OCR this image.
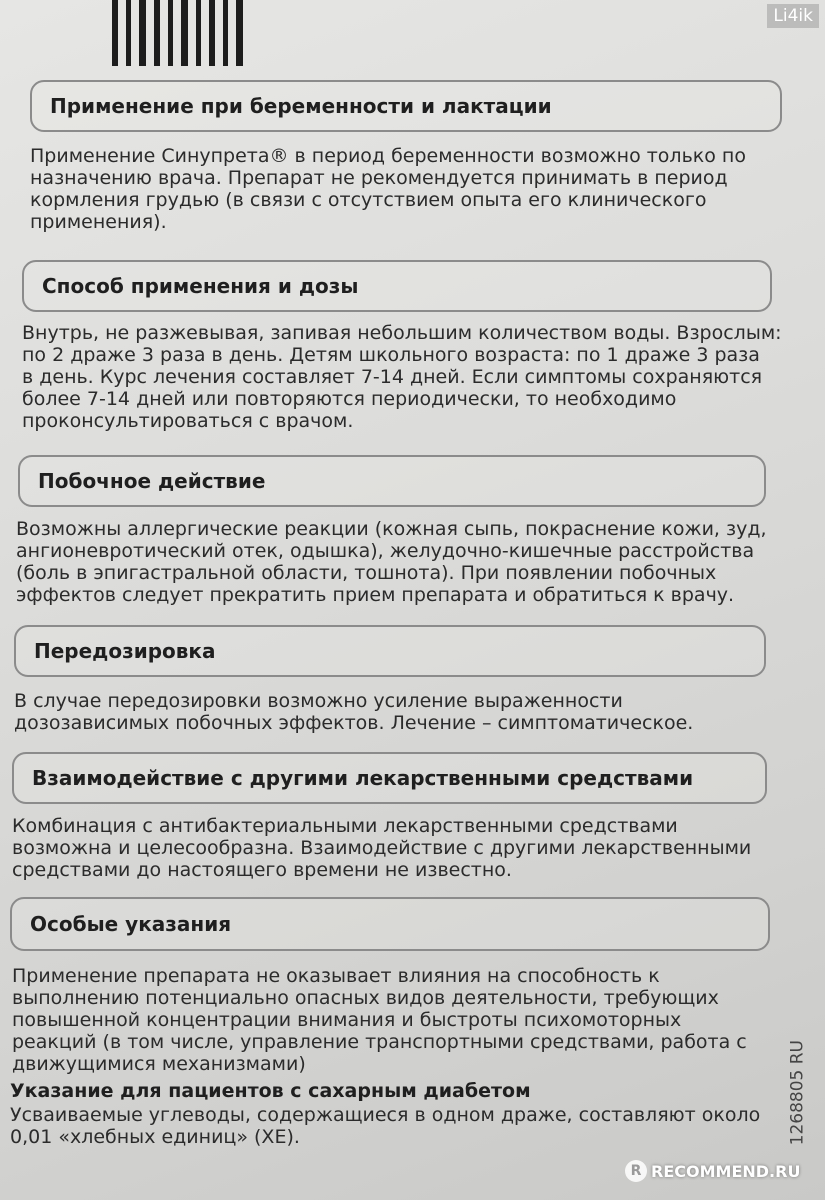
Li4ik
Применение при беременности и лактации
Применение Синупрета® в период беременности возможно только по
назначению врача. Препарат не рекомендуется принимать в период
кормления грудью (в связи с отсутствием опыта его клинического
применения).
Способ применения и дозы
Внутрь, не разжевывая, запивая небольшим количеством воды. Взрослым:
по 2 драже 3 раза в день. Детям школьного возраста: по 1 драже 3 раза
в день. Курс лечения составляет 7-14 дней. Если симптомы сохраняются
более 7-14 дней или повторяются периодически, то необходимо
проконсультироваться с врачом.
Побочное действие
Возможны аллергические реакции (кожная сыпь, покраснение кожи, зуд,
ангионевротический отек, одышка), желудочно-кишечные расстройства
(боль в эпигастральной области, тошнота). При появлении побочных
эффектов следует прекратить прием препарата и обратиться к врачу.
Передозировка
В случае передозировки возможно усиление выраженности
дозозависимых побочных эффектов. Лечение – симптоматическое.
Взаимодействие с другими лекарственными средствами
Комбинация с антибактериальными лекарственными средствами
возможна и целесообразна. Взаимодействие с другими лекарственными
средствами до настоящего времени не известно.
Особые указания
Применение препарата не оказывает влияния на способность к
выполнению потенциально опасных видов деятельности, требующих
повышенной концентрации внимания и быстроты психомоторных
реакций (в том числе, управление транспортными средствами, работа с
движущимися механизмами)
Указание для пациентов с сахарным диабетом
Усваиваемые углеводы, содержащиеся в одном драже, составляют около
0,01 «хлебных единиц» (ХЕ).	1268805 RU
R RECOMMEND.RU
